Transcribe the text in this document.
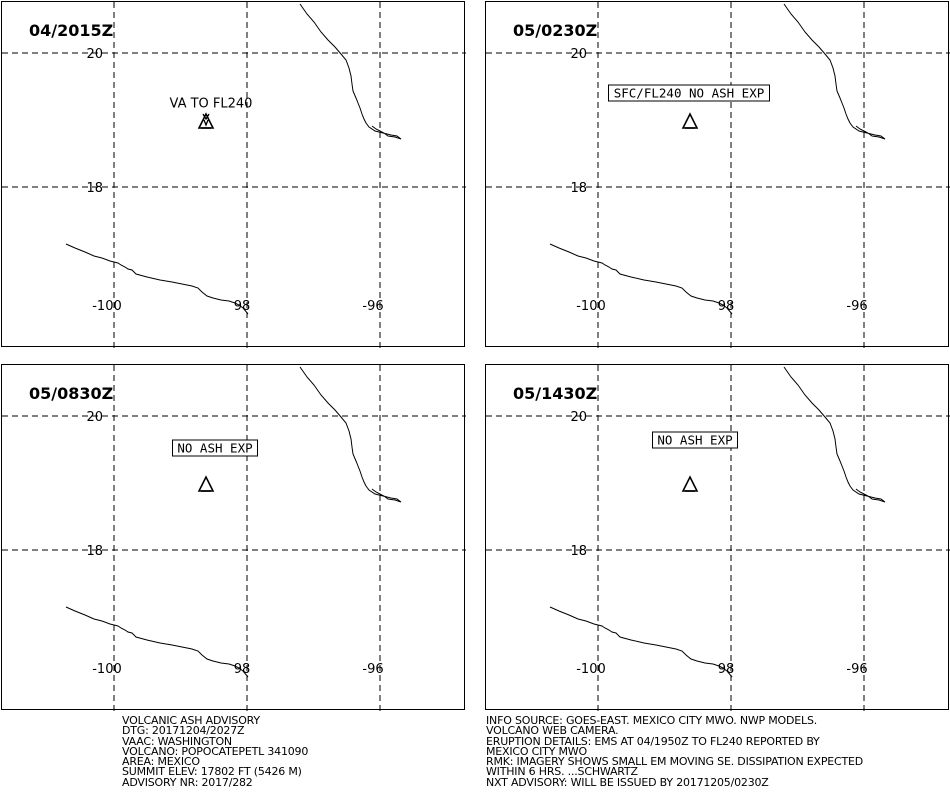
20
18
-100	98	-96
04/2015Z
VA TO FL240
20
18
-100	98	-96
05/0230Z
SFC/FL240 NO ASH EXP
20
18
-100	98	-96
05/0830Z
NO ASH EXP
20
18
-100	98	-96
05/1430Z
NO ASH EXP
VOLCANIC ASH ADVISORY
DTG: 20171204/2027Z
VAAC: WASHINGTON
VOLCANO: POPOCATEPETL 341090
AREA: MEXICO
SUMMIT ELEV: 17802 FT (5426 M)
ADVISORY NR: 2017/282
INFO SOURCE: GOES-EAST. MEXICO CITY MWO. NWP MODELS.
VOLCANO WEB CAMERA.
ERUPTION DETAILS: EMS AT 04/1950Z TO FL240 REPORTED BY
MEXICO CITY MWO
RMK: IMAGERY SHOWS SMALL EM MOVING SE. DISSIPATION EXPECTED
WITHIN 6 HRS. ...SCHWARTZ
NXT ADVISORY: WILL BE ISSUED BY 20171205/0230Z
